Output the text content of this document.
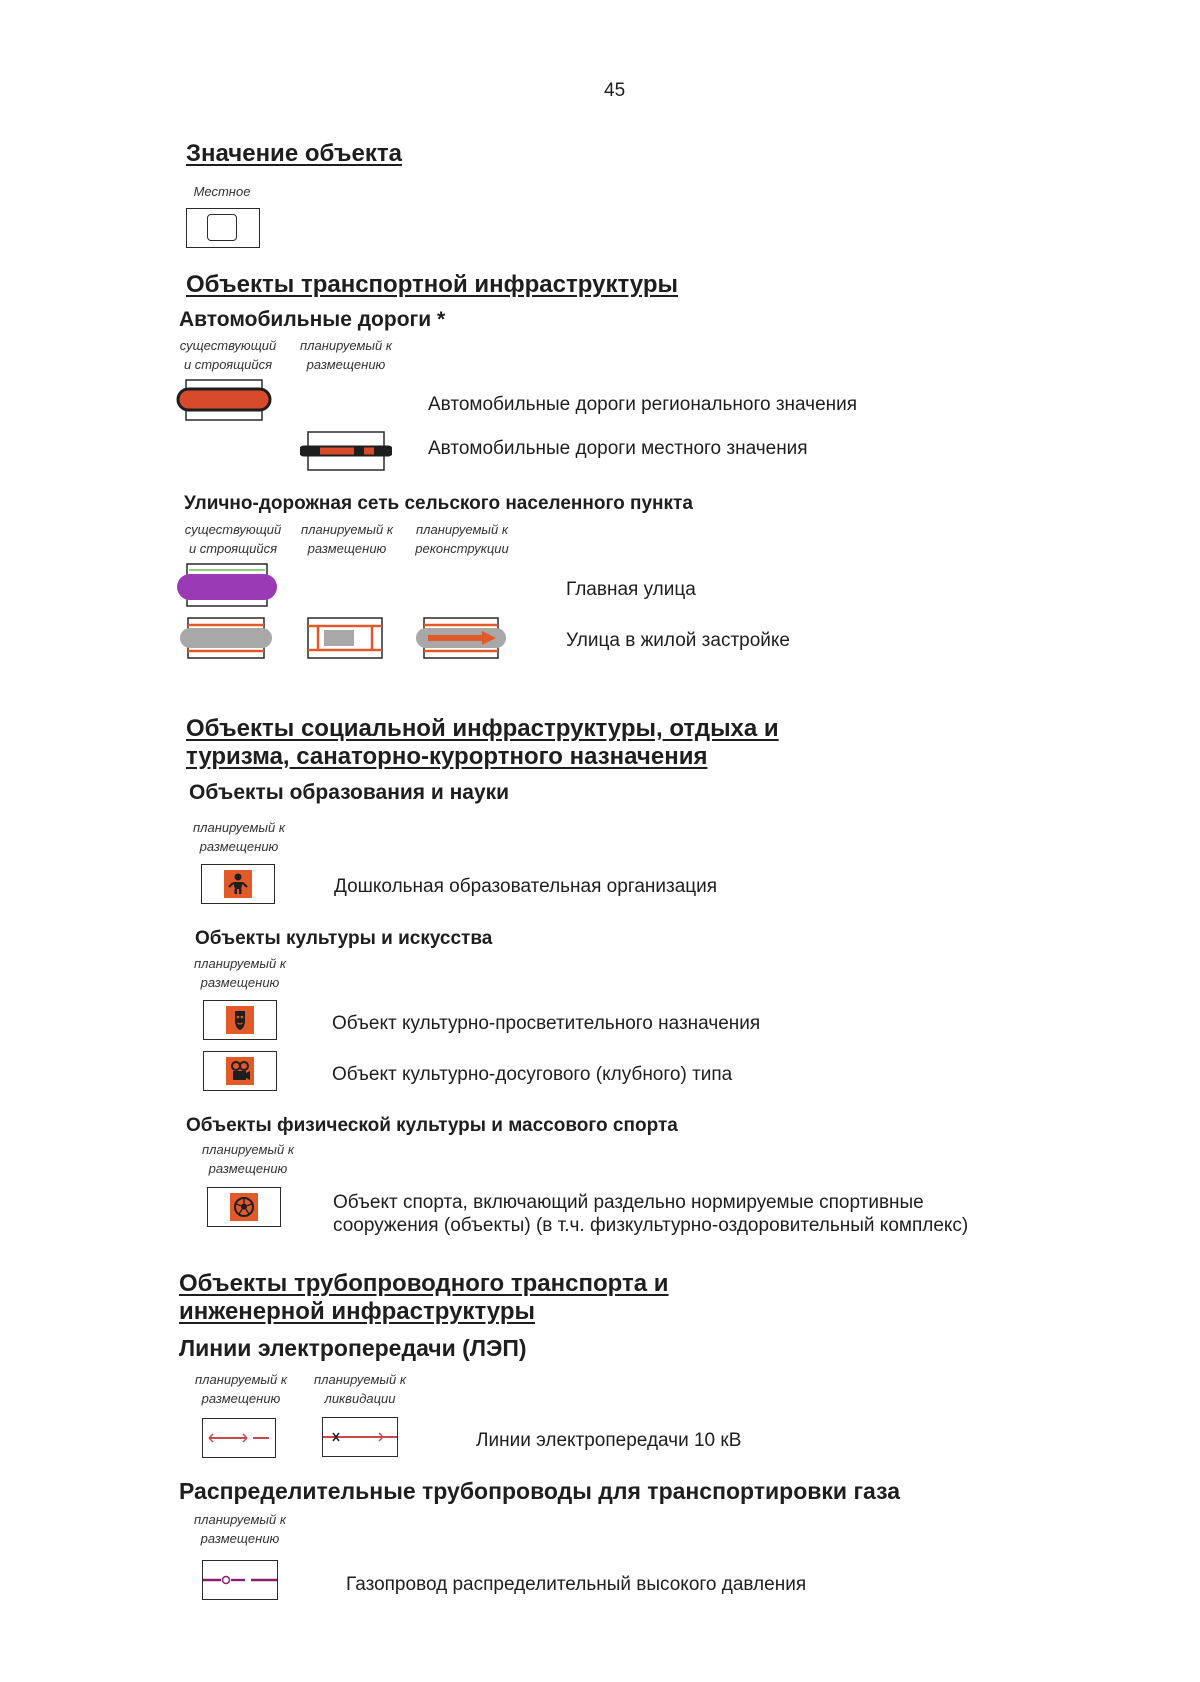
45
Значение объекта
Местное
Объекты транспортной инфраструктуры
Автомобильные дороги *
существующий
и строящийся
планируемый к
размещению
Автомобильные дороги регионального значения
Автомобильные дороги местного значения
Улично-дорожная сеть сельского населенного пункта
существующий
и строящийся
планируемый к
размещению
планируемый к
реконструкции
Главная улица
Улица в жилой застройке
Объекты социальной инфраструктуры, отдыха и
туризма, санаторно-курортного назначения
Объекты образования и науки
планируемый к
размещению
Дошкольная образовательная организация
Объекты культуры и искусства
планируемый к
размещению
Объект культурно-просветительного назначения
Объект культурно-досугового (клубного) типа
Объекты физической культуры и массового спорта
планируемый к
размещению
Объект спорта, включающий раздельно нормируемые спортивные
сооружения (объекты) (в т.ч. физкультурно-оздоровительный комплекс)
Объекты трубопроводного транспорта и
инженерной инфраструктуры
Линии электропередачи (ЛЭП)
планируемый к
размещению
планируемый к
ликвидации
Линии электропередачи 10 кВ
Распределительные трубопроводы для транспортировки газа
планируемый к
размещению
Газопровод распределительный высокого давления
